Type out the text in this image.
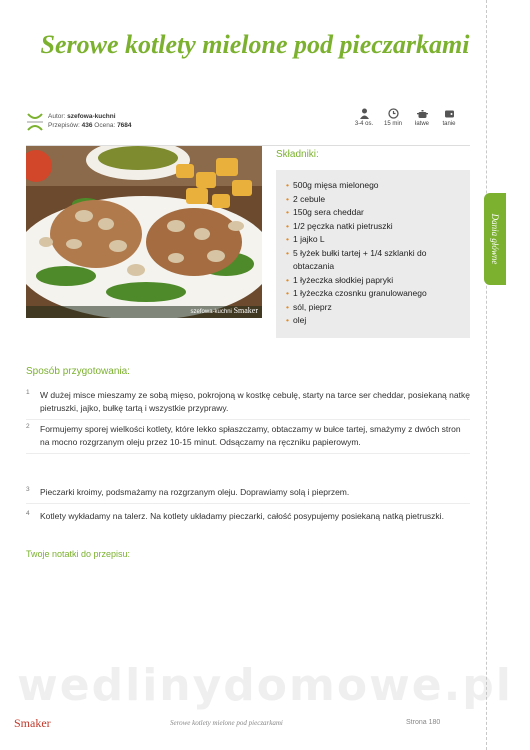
Serowe kotlety mielone pod pieczarkami
Dania główne
Autor: szefowa-kuchni
Przepisów: 436 Ocena: 7684	3-4 os.	15 min	łatwe	tanie
szefowa-kuchni Smaker
Składniki:
• 500g mięsa mielonego
• 2 cebule
• 150g sera cheddar
• 1/2 pęczka natki pietruszki
• 1 jajko L
• 5 łyżek bułki tartej + 1/4 szklanki do obtaczania
• 1 łyżeczka słodkiej papryki
• 1 łyżeczka czosnku granulowanego
• sól, pieprz
• olej
Sposób przygotowania:
1 W dużej misce mieszamy ze sobą mięso, pokrojoną w kostkę cebulę, starty na tarce ser cheddar, posiekaną natkę pietruszki, jajko, bułkę tartą i wszystkie przyprawy.
2 Formujemy sporej wielkości kotlety, które lekko spłaszczamy, obtaczamy w bułce tartej, smażymy z dwóch stron na mocno rozgrzanym oleju przez 10-15 minut. Odsączamy na ręczniku papierowym.
3 Pieczarki kroimy, podsmażamy na rozgrzanym oleju. Doprawiamy solą i pieprzem.
4 Kotlety wykładamy na talerz. Na kotlety układamy pieczarki, całość posypujemy posiekaną natką pietruszki.
Twoje notatki do przepisu:
wedlinydomowe.pl
Smaker	Serowe kotlety mielone pod pieczarkami	Strona 180
